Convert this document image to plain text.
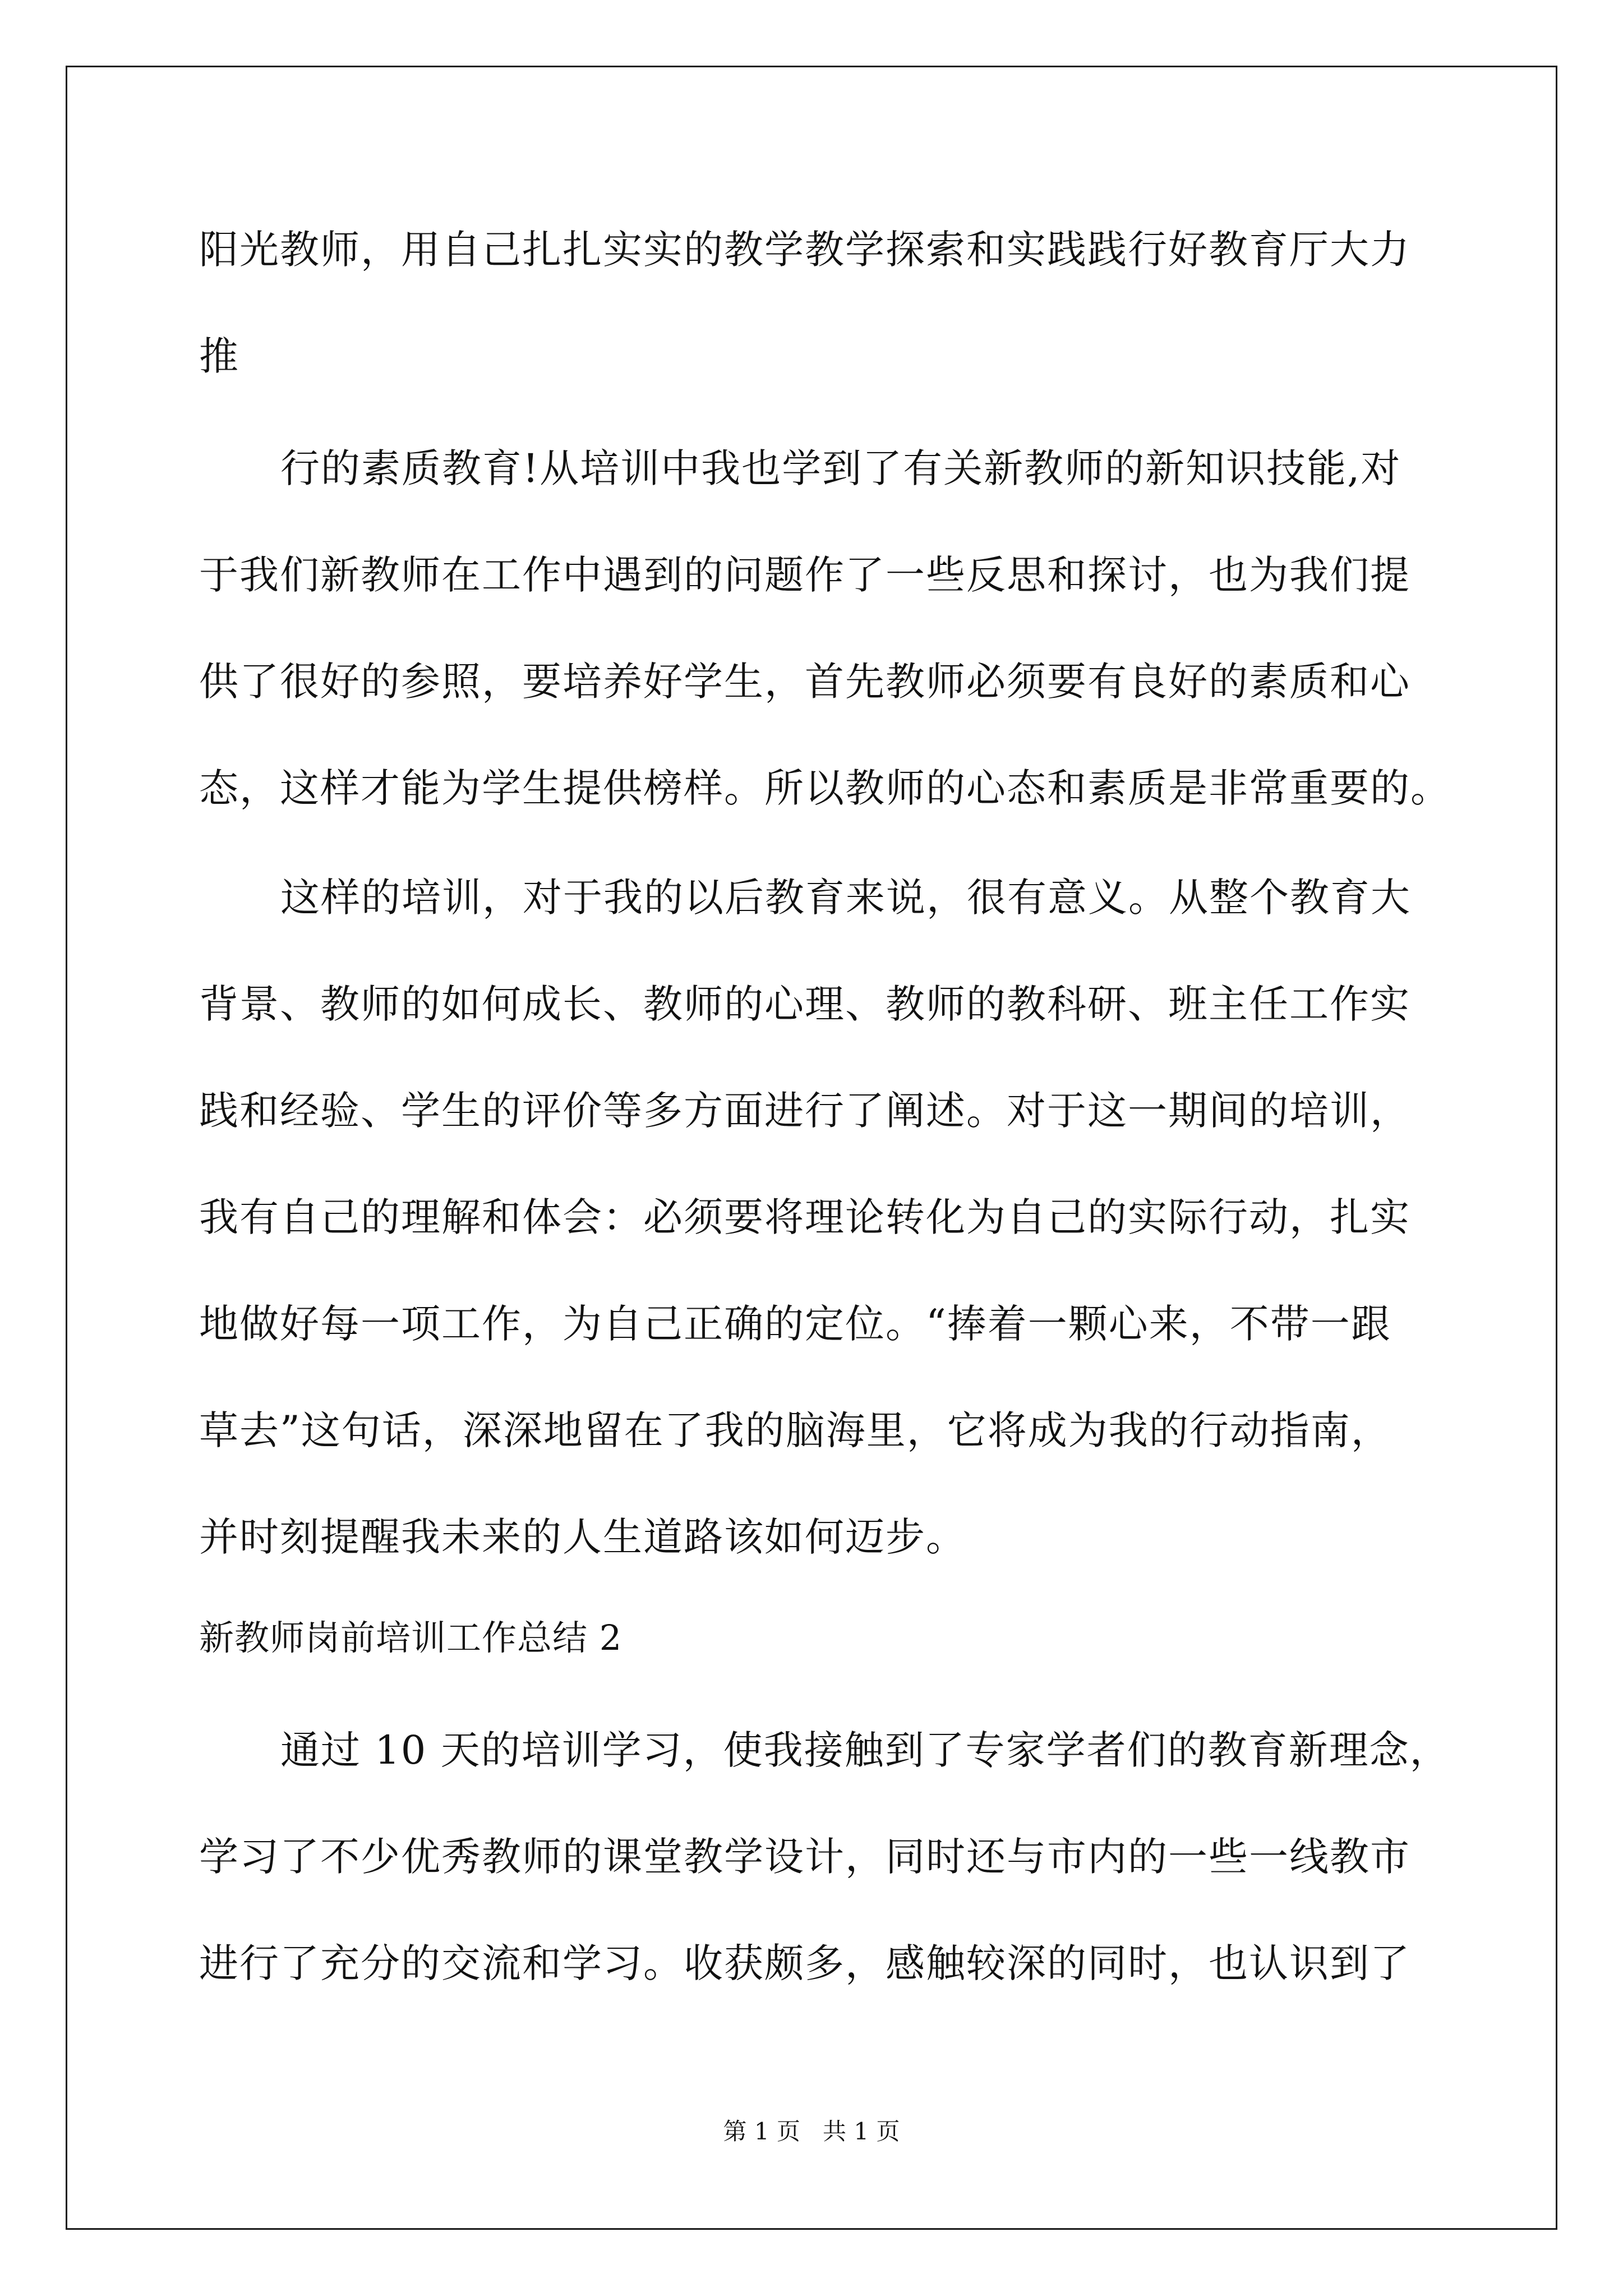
阳光教师，用自己扎扎实实的教学教学探索和实践践行好教育厅大力
推
行的素质教育!从培训中我也学到了有关新教师的新知识技能,对
于我们新教师在工作中遇到的问题作了一些反思和探讨，也为我们提
供了很好的参照，要培养好学生，首先教师必须要有良好的素质和心
态，这样才能为学生提供榜样。所以教师的心态和素质是非常重要的。
这样的培训，对于我的以后教育来说，很有意义。从整个教育大
背景、教师的如何成长、教师的心理、教师的教科研、班主任工作实
践和经验、学生的评价等多方面进行了阐述。对于这一期间的培训，
我有自己的理解和体会：必须要将理论转化为自己的实际行动，扎实
地做好每一项工作，为自己正确的定位。“捧着一颗心来，不带一跟
草去”这句话，深深地留在了我的脑海里，它将成为我的行动指南，
并时刻提醒我未来的人生道路该如何迈步。
新教师岗前培训工作总结 2
通过 10 天的培训学习，使我接触到了专家学者们的教育新理念，
学习了不少优秀教师的课堂教学设计，同时还与市内的一些一线教市
进行了充分的交流和学习。收获颇多，感触较深的同时，也认识到了
第 1 页   共 1 页
